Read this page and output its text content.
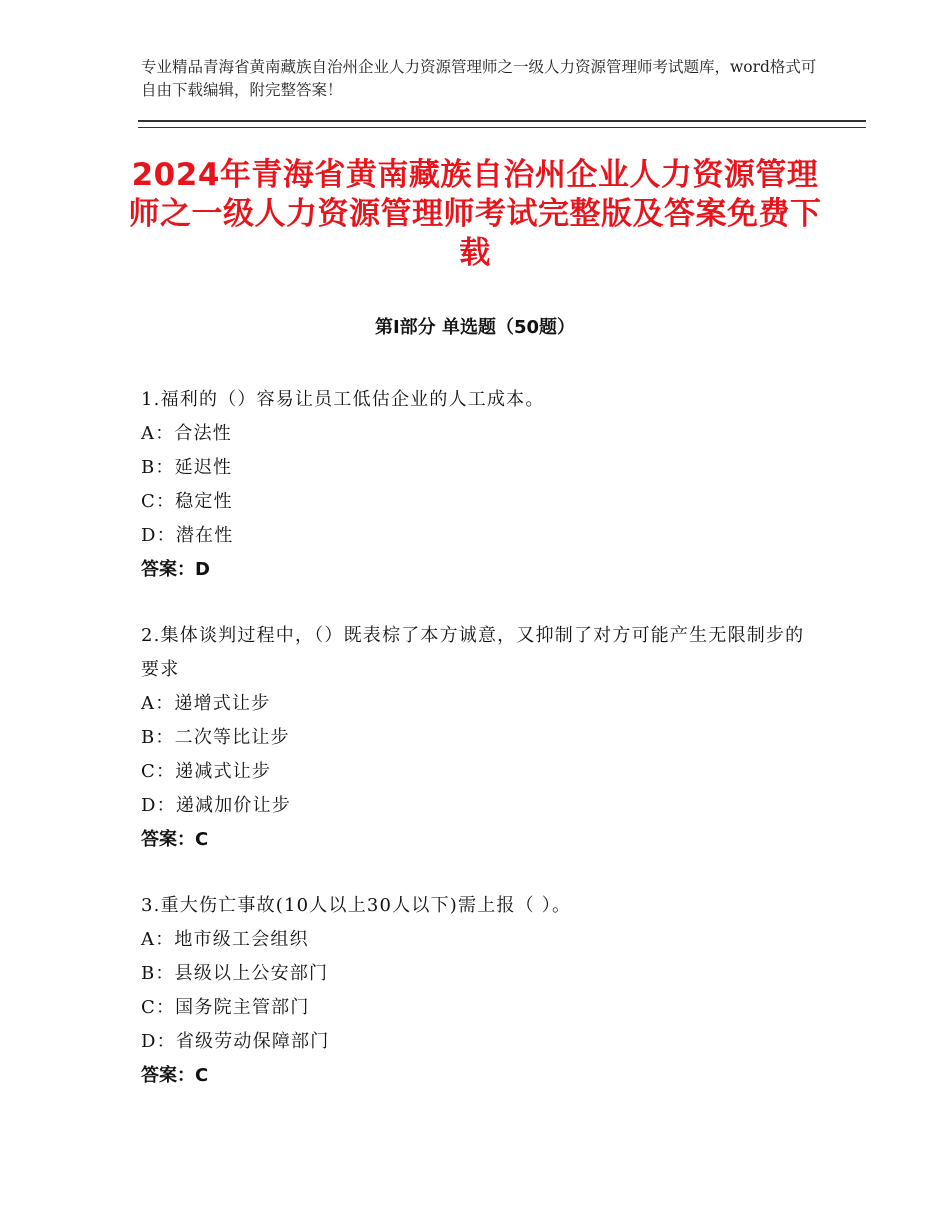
专业精品青海省黄南藏族自治州企业人力资源管理师之一级人力资源管理师考试题库，word格式可自由下载编辑，附完整答案！
2024年青海省黄南藏族自治州企业人力资源管理师之一级人力资源管理师考试完整版及答案免费下载
第Ⅰ部分 单选题（50题）
1.福利的（）容易让员工低估企业的人工成本。
A：合法性
B：延迟性
C：稳定性
D：潜在性
答案：D
2.集体谈判过程中，（）既表棕了本方诚意，又抑制了对方可能产生无限制步的要求
A：递增式让步
B：二次等比让步
C：递减式让步
D：递减加价让步
答案：C
3.重大伤亡事故(10人以上30人以下)需上报（ ）。
A：地市级工会组织
B：县级以上公安部门
C：国务院主管部门
D：省级劳动保障部门
答案：C
